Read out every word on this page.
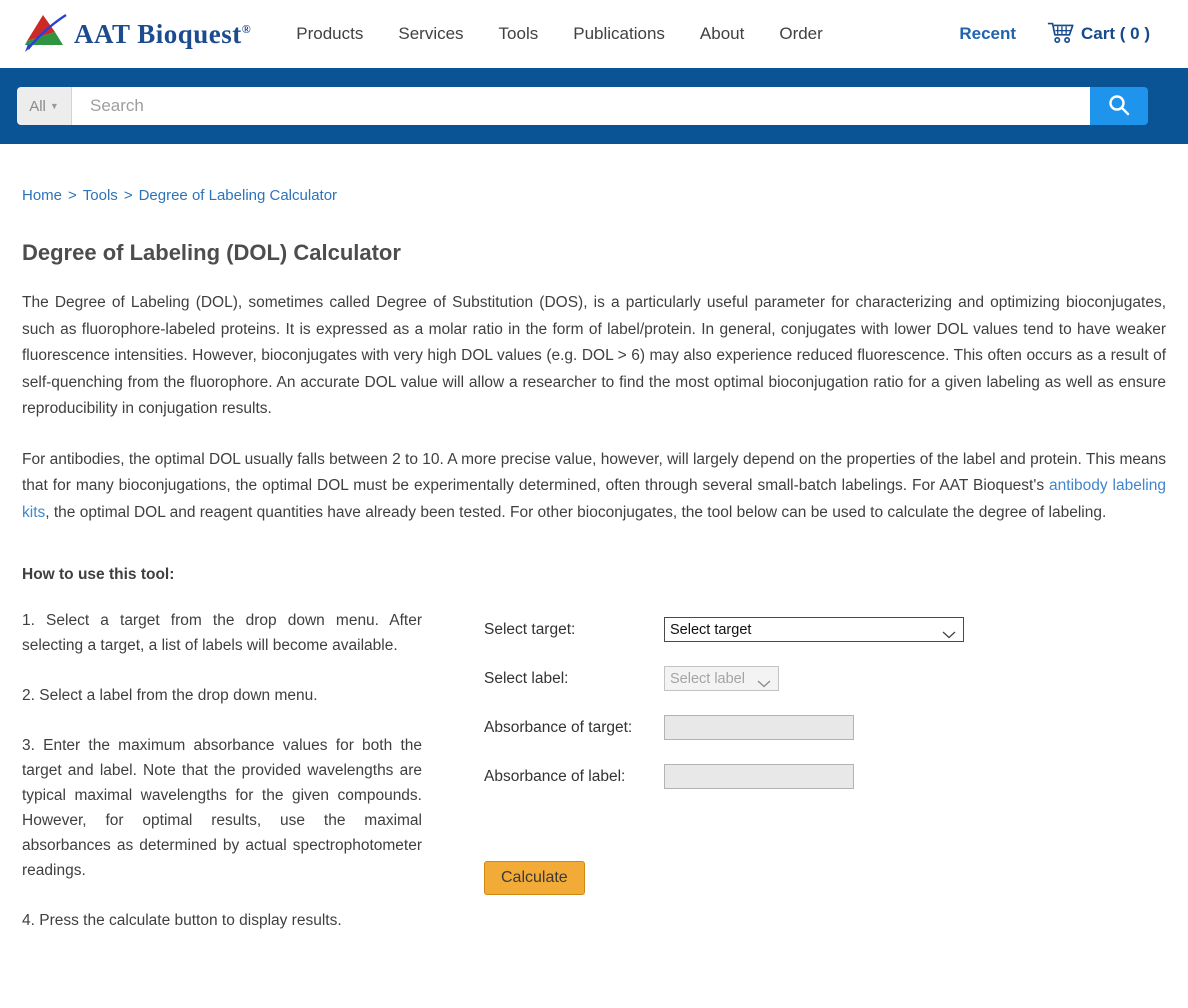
AAT Bioquest®	Products Services Tools Publications About Order	Recent	Cart ( 0 )
All ▼
Search
Home > Tools > Degree of Labeling Calculator
Degree of Labeling (DOL) Calculator

The Degree of Labeling (DOL), sometimes called Degree of Substitution (DOS), is a particularly useful parameter for characterizing and optimizing bioconjugates, such as fluorophore-labeled proteins. It is expressed as a molar ratio in the form of label/protein. In general, conjugates with lower DOL values tend to have weaker fluorescence intensities. However, bioconjugates with very high DOL values (e.g. DOL > 6) may also experience reduced fluorescence. This often occurs as a result of self-quenching from the fluorophore. An accurate DOL value will allow a researcher to find the most optimal bioconjugation ratio for a given labeling as well as ensure reproducibility in conjugation results.

For antibodies, the optimal DOL usually falls between 2 to 10. A more precise value, however, will largely depend on the properties of the label and protein. This means that for many bioconjugations, the optimal DOL must be experimentally determined, often through several small-batch labelings. For AAT Bioquest's antibody labeling kits, the optimal DOL and reagent quantities have already been tested. For other bioconjugates, the tool below can be used to calculate the degree of labeling.

How to use this tool:
1. Select a target from the drop down menu. After selecting a target, a list of labels will become available.
2. Select a label from the drop down menu.
3. Enter the maximum absorbance values for both the target and label. Note that the provided wavelengths are typical maximal wavelengths for the given compounds. However, for optimal results, use the maximal absorbances as determined by actual spectrophotometer readings.
4. Press the calculate button to display results.
Select target:
Select target
Select label:
Select label
Absorbance of target:
Absorbance of label:
Calculate
